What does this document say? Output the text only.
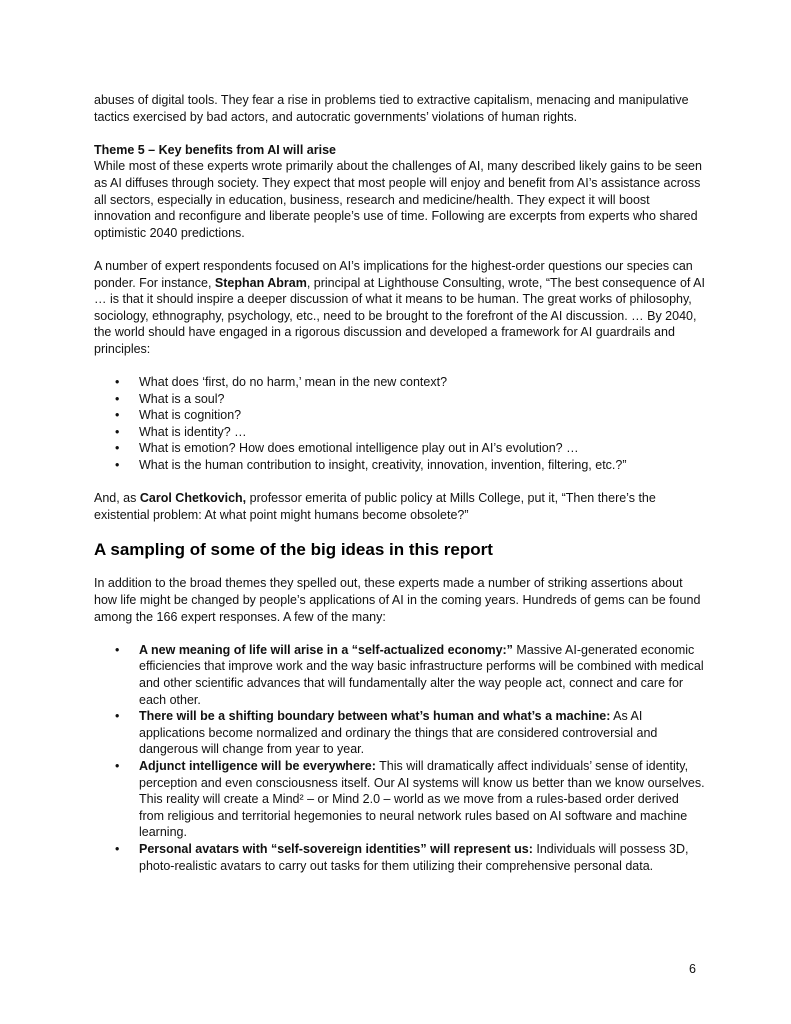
abuses of digital tools. They fear a rise in problems tied to extractive capitalism, menacing and manipulative tactics exercised by bad actors, and autocratic governments’ violations of human rights.

Theme 5 – Key benefits from AI will arise

While most of these experts wrote primarily about the challenges of AI, many described likely gains to be seen as AI diffuses through society. They expect that most people will enjoy and benefit from AI’s assistance across all sectors, especially in education, business, research and medicine/health. They expect it will boost innovation and reconfigure and liberate people’s use of time. Following are excerpts from experts who shared optimistic 2040 predictions.

A number of expert respondents focused on AI’s implications for the highest-order questions our species can ponder. For instance, Stephan Abram, principal at Lighthouse Consulting, wrote, “The best consequence of AI … is that it should inspire a deeper discussion of what it means to be human. The great works of philosophy, sociology, ethnography, psychology, etc., need to be brought to the forefront of the AI discussion. … By 2040, the world should have engaged in a rigorous discussion and developed a framework for AI guardrails and principles:

• What does ‘first, do no harm,’ mean in the new context?
• What is a soul?
• What is cognition?
• What is identity? …
• What is emotion? How does emotional intelligence play out in AI’s evolution? …
• What is the human contribution to insight, creativity, innovation, invention, filtering, etc.?”

And, as Carol Chetkovich, professor emerita of public policy at Mills College, put it, “Then there’s the existential problem: At what point might humans become obsolete?”

A sampling of some of the big ideas in this report

In addition to the broad themes they spelled out, these experts made a number of striking assertions about how life might be changed by people’s applications of AI in the coming years. Hundreds of gems can be found among the 166 expert responses. A few of the many:

• A new meaning of life will arise in a “self-actualized economy:” Massive AI-generated economic efficiencies that improve work and the way basic infrastructure performs will be combined with medical and other scientific advances that will fundamentally alter the way people act, connect and care for each other.
• There will be a shifting boundary between what’s human and what’s a machine: As AI applications become normalized and ordinary the things that are considered controversial and dangerous will change from year to year.
• Adjunct intelligence will be everywhere: This will dramatically affect individuals’ sense of identity, perception and even consciousness itself. Our AI systems will know us better than we know ourselves. This reality will create a Mind² – or Mind 2.0 – world as we move from a rules-based order derived from religious and territorial hegemonies to neural network rules based on AI software and machine learning.
• Personal avatars with “self-sovereign identities” will represent us: Individuals will possess 3D, photo-realistic avatars to carry out tasks for them utilizing their comprehensive personal data.
6
